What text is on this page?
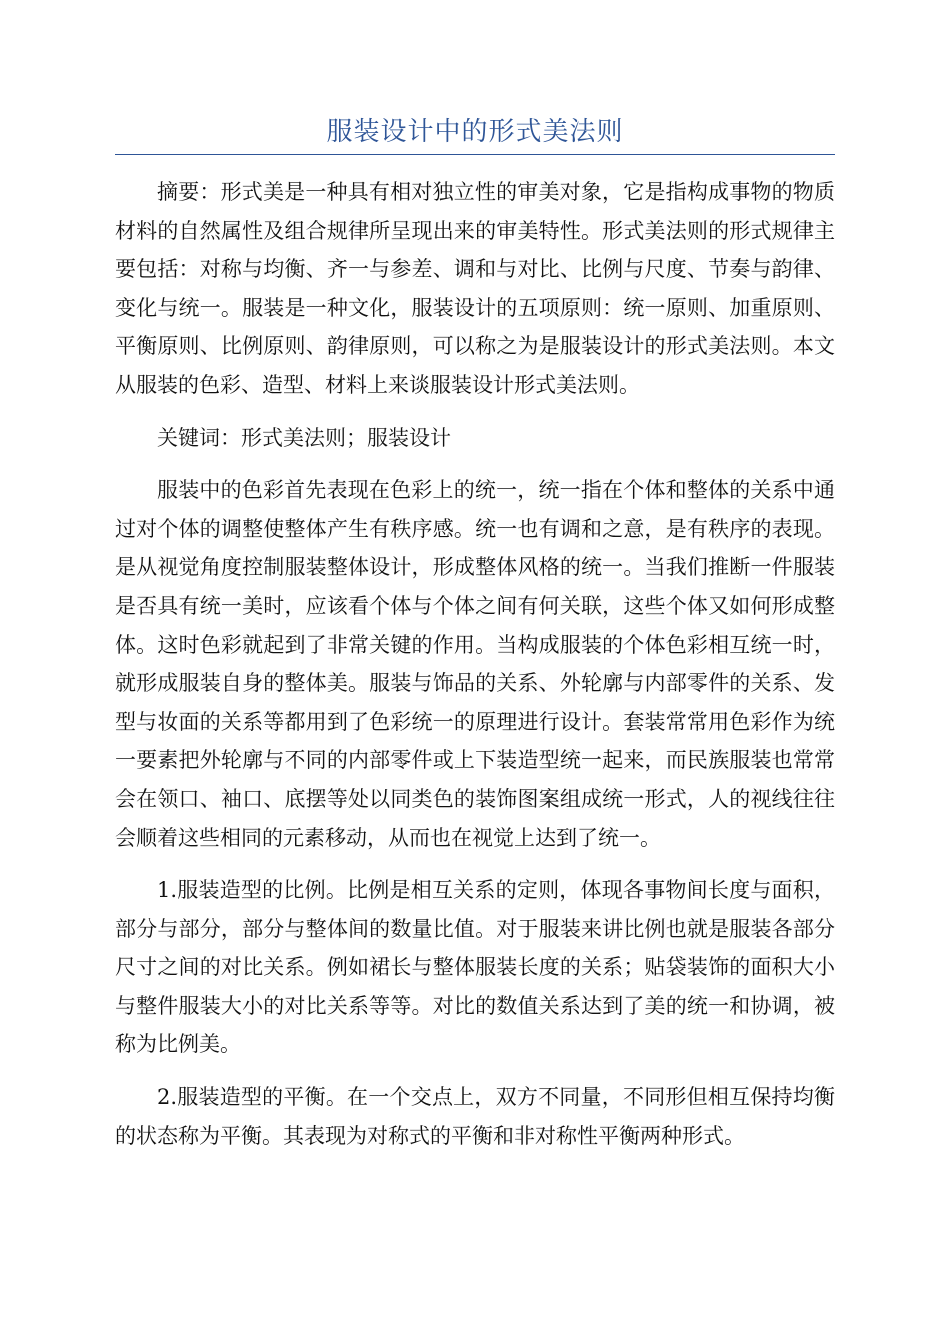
服装设计中的形式美法则

摘要：形式美是一种具有相对独立性的审美对象，它是指构成事物的物质材料的自然属性及组合规律所呈现出来的审美特性。形式美法则的形式规律主要包括：对称与均衡、齐一与参差、调和与对比、比例与尺度、节奏与韵律、变化与统一。服装是一种文化，服装设计的五项原则：统一原则、加重原则、平衡原则、比例原则、韵律原则，可以称之为是服装设计的形式美法则。本文从服装的色彩、造型、材料上来谈服装设计形式美法则。

关键词：形式美法则；服装设计

服装中的色彩首先表现在色彩上的统一，统一指在个体和整体的关系中通过对个体的调整使整体产生有秩序感。统一也有调和之意，是有秩序的表现。是从视觉角度控制服装整体设计，形成整体风格的统一。当我们推断一件服装是否具有统一美时，应该看个体与个体之间有何关联，这些个体又如何形成整体。这时色彩就起到了非常关键的作用。当构成服装的个体色彩相互统一时，就形成服装自身的整体美。服装与饰品的关系、外轮廓与内部零件的关系、发型与妆面的关系等都用到了色彩统一的原理进行设计。套装常常用色彩作为统一要素把外轮廓与不同的内部零件或上下装造型统一起来，而民族服装也常常会在领口、袖口、底摆等处以同类色的装饰图案组成统一形式，人的视线往往会顺着这些相同的元素移动，从而也在视觉上达到了统一。

1.服装造型的比例。比例是相互关系的定则，体现各事物间长度与面积，部分与部分，部分与整体间的数量比值。对于服装来讲比例也就是服装各部分尺寸之间的对比关系。例如裙长与整体服装长度的关系；贴袋装饰的面积大小与整件服装大小的对比关系等等。对比的数值关系达到了美的统一和协调，被称为比例美。

2.服装造型的平衡。在一个交点上，双方不同量，不同形但相互保持均衡的状态称为平衡。其表现为对称式的平衡和非对称性平衡两种形式。
